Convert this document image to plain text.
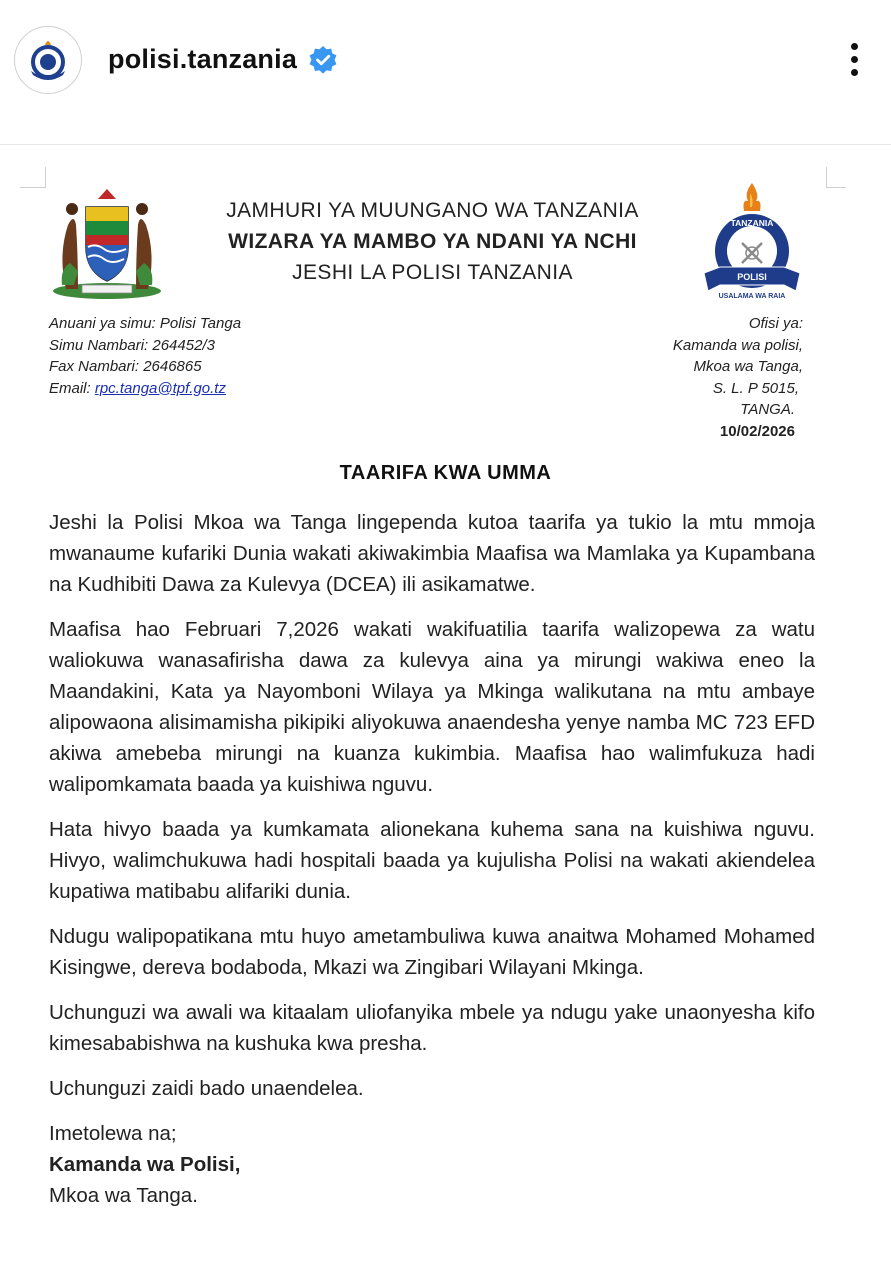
polisi.tanzania
JAMHURI YA MUUNGANO WA TANZANIA
WIZARA YA MAMBO YA NDANI YA NCHI
JESHI LA POLISI TANZANIA
TANZANIA
POLISI
USALAMA WA RAIA
Anuani ya simu: Polisi Tanga
Simu Nambari: 264452/3
Fax Nambari: 2646865
Email: rpc.tanga@tpf.go.tz
Ofisi ya:
Kamanda wa polisi,
Mkoa wa Tanga,
S. L. P 5015,
TANGA.
10/02/2026
TAARIFA KWA UMMA

Jeshi la Polisi Mkoa wa Tanga lingependa kutoa taarifa ya tukio la mtu mmoja mwanaume kufariki Dunia wakati akiwakimbia Maafisa wa Mamlaka ya Kupambana na Kudhibiti Dawa za Kulevya (DCEA) ili asikamatwe.

Maafisa hao Februari 7,2026 wakati wakifuatilia taarifa walizopewa za watu waliokuwa wanasafirisha dawa za kulevya aina ya mirungi wakiwa eneo la Maandakini, Kata ya Nayomboni Wilaya ya Mkinga walikutana na mtu ambaye alipowaona alisimamisha pikipiki aliyokuwa anaendesha yenye namba MC 723 EFD akiwa amebeba mirungi na kuanza kukimbia. Maafisa hao walimfukuza hadi walipomkamata baada ya kuishiwa nguvu.

Hata hivyo baada ya kumkamata alionekana kuhema sana na kuishiwa nguvu. Hivyo, walimchukuwa hadi hospitali baada ya kujulisha Polisi na wakati akiendelea kupatiwa matibabu alifariki dunia.

Ndugu walipopatikana mtu huyo ametambuliwa kuwa anaitwa Mohamed Mohamed Kisingwe, dereva bodaboda, Mkazi wa Zingibari Wilayani Mkinga.

Uchunguzi wa awali wa kitaalam uliofanyika mbele ya ndugu yake unaonyesha kifo kimesababishwa na kushuka kwa presha.

Uchunguzi zaidi bado unaendelea.

Imetolewa na;
Kamanda wa Polisi,
Mkoa wa Tanga.
